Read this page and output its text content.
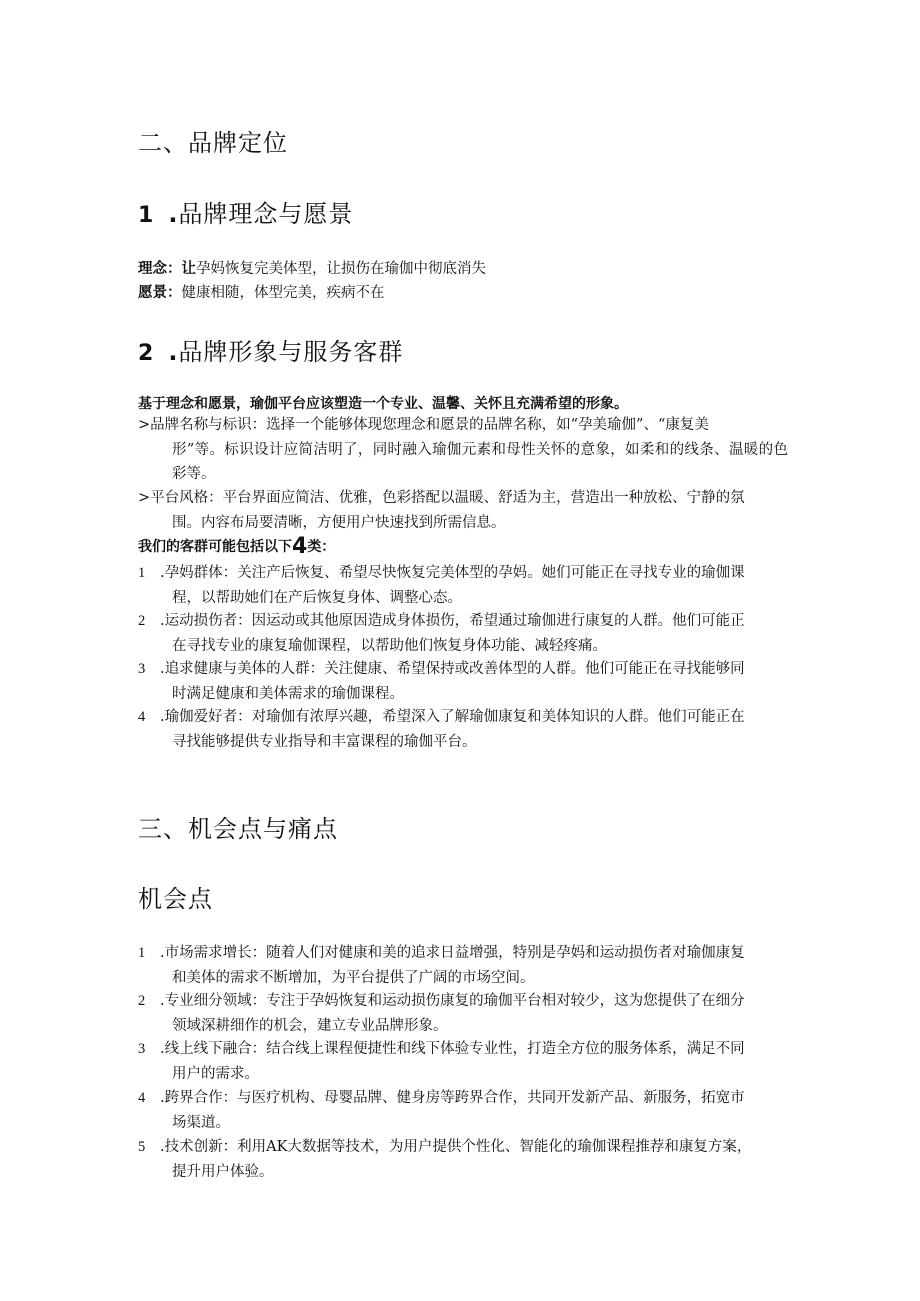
二、品牌定位
1 .品牌理念与愿景
理念：让孕妈恢复完美体型，让损伤在瑜伽中彻底消失
愿景：健康相随，体型完美，疾病不在
2 .品牌形象与服务客群
基于理念和愿景，瑜伽平台应该塑造一个专业、温馨、关怀且充满希望的形象。
>品牌名称与标识：选择一个能够体现您理念和愿景的品牌名称，如“孕美瑜伽”、“康复美
形”等。标识设计应简洁明了，同时融入瑜伽元素和母性关怀的意象，如柔和的线条、温暖的色彩等。
>平台风格：平台界面应简洁、优雅，色彩搭配以温暖、舒适为主，营造出一种放松、宁静的氛
围。内容布局要清晰，方便用户快速找到所需信息。
我们的客群可能包括以下4类：
1	.孕妈群体：关注产后恢复、希望尽快恢复完美体型的孕妈。她们可能正在寻找专业的瑜伽课
程，以帮助她们在产后恢复身体、调整心态。
2	.运动损伤者：因运动或其他原因造成身体损伤，希望通过瑜伽进行康复的人群。他们可能正
在寻找专业的康复瑜伽课程，以帮助他们恢复身体功能、减轻疼痛。
3	.追求健康与美体的人群：关注健康、希望保持或改善体型的人群。他们可能正在寻找能够同
时满足健康和美体需求的瑜伽课程。
4	.瑜伽爱好者：对瑜伽有浓厚兴趣，希望深入了解瑜伽康复和美体知识的人群。他们可能正在
寻找能够提供专业指导和丰富课程的瑜伽平台。
三、机会点与痛点
机会点
1	.市场需求增长：随着人们对健康和美的追求日益增强，特别是孕妈和运动损伤者对瑜伽康复
和美体的需求不断增加，为平台提供了广阔的市场空间。
2	.专业细分领域：专注于孕妈恢复和运动损伤康复的瑜伽平台相对较少，这为您提供了在细分
领域深耕细作的机会，建立专业品牌形象。
3	.线上线下融合：结合线上课程便捷性和线下体验专业性，打造全方位的服务体系，满足不同
用户的需求。
4	.跨界合作：与医疗机构、母婴品牌、健身房等跨界合作，共同开发新产品、新服务，拓宽市
场渠道。
5	.技术创新：利用AK大数据等技术，为用户提供个性化、智能化的瑜伽课程推荐和康复方案，
提升用户体验。
